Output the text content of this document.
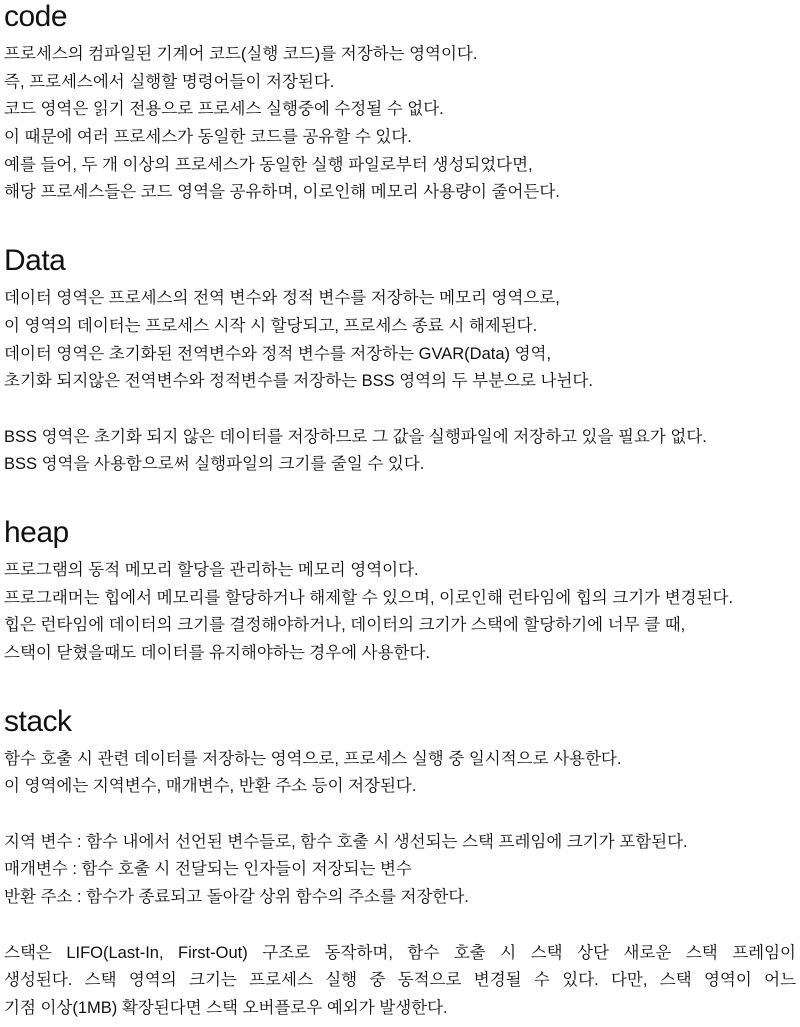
code
프로세스의 컴파일된 기계어 코드(실행 코드)를 저장하는 영역이다.
즉, 프로세스에서 실행할 명령어들이 저장된다.
코드 영역은 읽기 전용으로 프로세스 실행중에 수정될 수 없다.
이 때문에 여러 프로세스가 동일한 코드를 공유할 수 있다.
예를 들어, 두 개 이상의 프로세스가 동일한 실행 파일로부터 생성되었다면,
해당 프로세스들은 코드 영역을 공유하며, 이로인해 메모리 사용량이 줄어든다.
Data
데이터 영역은 프로세스의 전역 변수와 정적 변수를 저장하는 메모리 영역으로,
이 영역의 데이터는 프로세스 시작 시 할당되고, 프로세스 종료 시 해제된다.
데이터 영역은 초기화된 전역변수와 정적 변수를 저장하는 GVAR(Data) 영역,
초기화 되지않은 전역변수와 정적변수를 저장하는 BSS 영역의 두 부분으로 나뉜다.
BSS 영역은 초기화 되지 않은 데이터를 저장하므로 그 값을 실행파일에 저장하고 있을 필요가 없다.
BSS 영역을 사용함으로써 실행파일의 크기를 줄일 수 있다.
heap
프로그램의 동적 메모리 할당을 관리하는 메모리 영역이다.
프로그래머는 힙에서 메모리를 할당하거나 해제할 수 있으며, 이로인해 런타임에 힙의 크기가 변경된다.
힙은 런타임에 데이터의 크기를 결정해야하거나, 데이터의 크기가 스택에 할당하기에 너무 클 때,
스택이 닫혔을때도 데이터를 유지해야하는 경우에 사용한다.
stack
함수 호출 시 관련 데이터를 저장하는 영역으로, 프로세스 실행 중 일시적으로 사용한다.
이 영역에는 지역변수, 매개변수, 반환 주소 등이 저장된다.
지역 변수 : 함수 내에서 선언된 변수들로, 함수 호출 시 생선되는 스택 프레임에 크기가 포함된다.
매개변수 : 함수 호출 시 전달되는 인자들이 저장되는 변수
반환 주소 : 함수가 종료되고 돌아갈 상위 함수의 주소를 저장한다.
스택은 LIFO(Last-In, First-Out) 구조로 동작하며, 함수 호출 시 스택 상단 새로운 스택 프레임이
생성된다. 스택 영역의 크기는 프로세스 실행 중 동적으로 변경될 수 있다. 다만, 스택 영역이 어느
기점 이상(1MB) 확장된다면 스택 오버플로우 예외가 발생한다.
